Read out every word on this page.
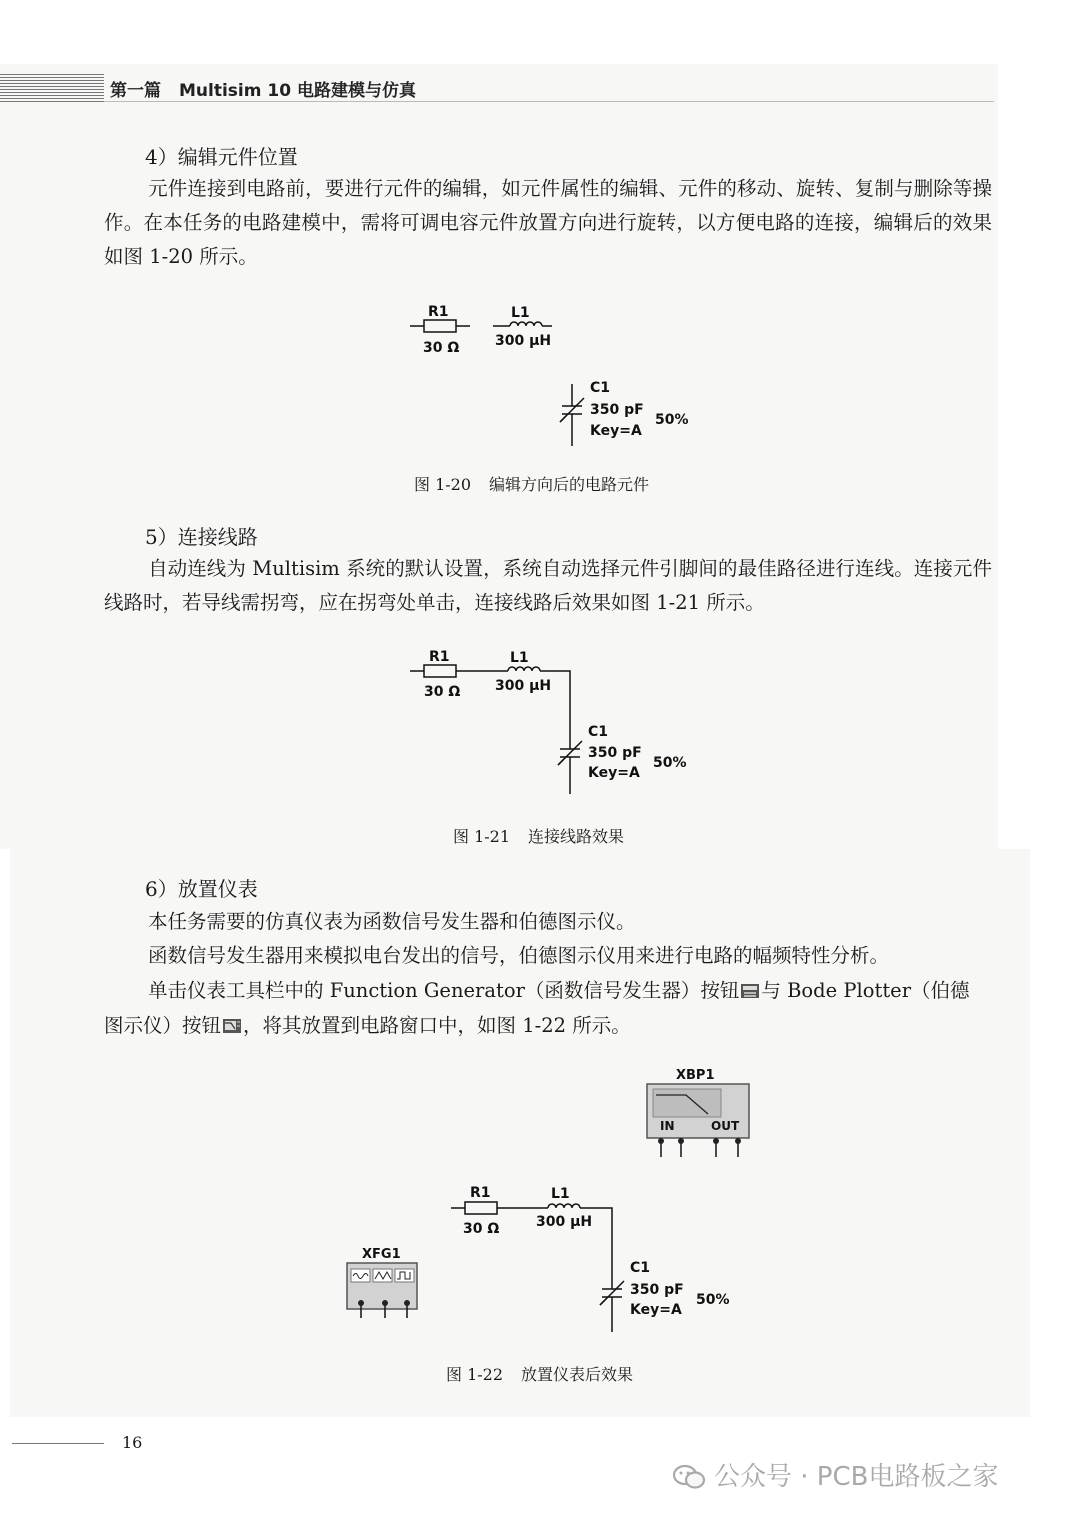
第一篇 Multisim 10 电路建模与仿真
4）编辑元件位置
元件连接到电路前，要进行元件的编辑，如元件属性的编辑、元件的移动、旋转、复制与删除等操作。在本任务的电路建模中，需将可调电容元件放置方向进行旋转，以方便电路的连接，编辑后的效果如图 1-20 所示。
R1
30 Ω
L1
300 µH
C1
350 pF
Key=A
50%
图 1-20 编辑方向后的电路元件
5）连接线路
自动连线为 Multisim 系统的默认设置，系统自动选择元件引脚间的最佳路径进行连线。连接元件线路时，若导线需拐弯，应在拐弯处单击，连接线路后效果如图 1-21 所示。
R1
30 Ω
L1
300 µH
C1
350 pF
Key=A
50%
图 1-21 连接线路效果
6）放置仪表
本任务需要的仿真仪表为函数信号发生器和伯德图示仪。
函数信号发生器用来模拟电台发出的信号，伯德图示仪用来进行电路的幅频特性分析。
单击仪表工具栏中的 Function Generator（函数信号发生器）按钮 与 Bode Plotter（伯德
图示仪）按钮 ，将其放置到电路窗口中，如图 1-22 所示。
XBP1
IN	OUT
XFG1
R1
30 Ω
L1
300 µH
C1
350 pF
Key=A
50%
图 1-22 放置仪表后效果
16
公众号 · PCB电路板之家
